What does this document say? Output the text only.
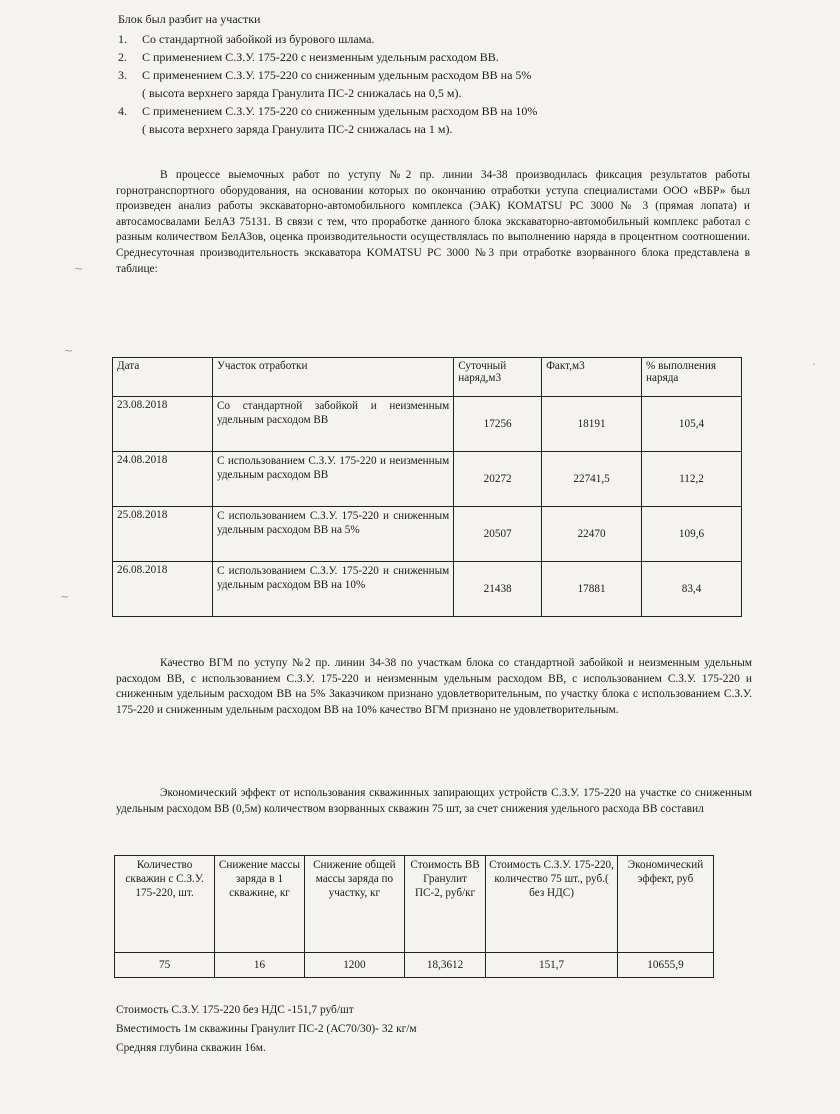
Блок был разбит на участки
1. Со стандартной забойкой из бурового шлама.
2. С применением С.З.У. 175-220 с неизменным удельным расходом ВВ.
3. С применением С.З.У. 175-220 со сниженным удельным расходом ВВ на 5%
( высота верхнего заряда Гранулита ПС-2 снижалась на 0,5 м).
4. С применением С.З.У. 175-220 со сниженным удельным расходом ВВ на 10%
( высота верхнего заряда Гранулита ПС-2 снижалась на 1 м).
В процессе выемочных работ по уступу №2 пр. линии 34-38 производилась фиксация результатов работы горнотранспортного оборудования, на основании которых по окончанию отработки уступа специалистами ООО «ВБР» был произведен анализ работы экскаваторно-автомобильного комплекса (ЭАК) KOMATSU PC 3000 № 3 (прямая лопата) и автосамосвалами БелАЗ 75131. В связи с тем, что проработке данного блока экскаваторно-автомобильный комплекс работал с разным количеством БелАЗов, оценка производительности осуществлялась по выполнению наряда в процентном соотношении. Среднесуточная производительность экскаватора KOMATSU PC 3000 №3 при отработке взорванного блока представлена в таблице:
Дата	Участок отработки	Суточный наряд,м3	Факт,м3	% выполнения наряда
23.08.2018	Со стандартной забойкой и неизменным удельным расходом ВВ	17256	18191	105,4
24.08.2018	С использованием С.З.У. 175-220 и неизменным удельным расходом ВВ	20272	22741,5	112,2
25.08.2018	С использованием С.З.У. 175-220 и сниженным удельным расходом ВВ на 5%	20507	22470	109,6
26.08.2018	С использованием С.З.У. 175-220 и сниженным удельным расходом ВВ на 10%	21438	17881	83,4
Качество ВГМ по уступу №2 пр. линии 34-38 по участкам блока со стандартной забойкой и неизменным удельным расходом ВВ, с использованием С.З.У. 175-220 и неизменным удельным расходом ВВ, с использованием С.З.У. 175-220 и сниженным удельным расходом ВВ на 5% Заказчиком признано удовлетворительным, по участку блока с использованием С.З.У. 175-220 и сниженным удельным расходом ВВ на 10% качество ВГМ признано не удовлетворительным.
Экономический эффект от использования скважинных запирающих устройств С.З.У. 175-220 на участке со сниженным удельным расходом ВВ (0,5м) количеством взорванных скважин 75 шт, за счет снижения удельного расхода ВВ составил
Количество скважин с С.З.У. 175-220, шт.	Снижение массы заряда в 1 скважине, кг	Снижение общей массы заряда по участку, кг	Стоимость ВВ Гранулит ПС-2, руб/кг	Стоимость С.З.У. 175-220, количество 75 шт., руб.( без НДС)	Экономический эффект, руб
75	16	1200	18,3612	151,7	10655,9
Стоимость С.З.У. 175-220 без НДС -151,7 руб/шт
Вместимость 1м скважины Гранулит ПС-2 (АС70/30)- 32 кг/м
Средняя глубина скважин 16м.
~
~
~
·
